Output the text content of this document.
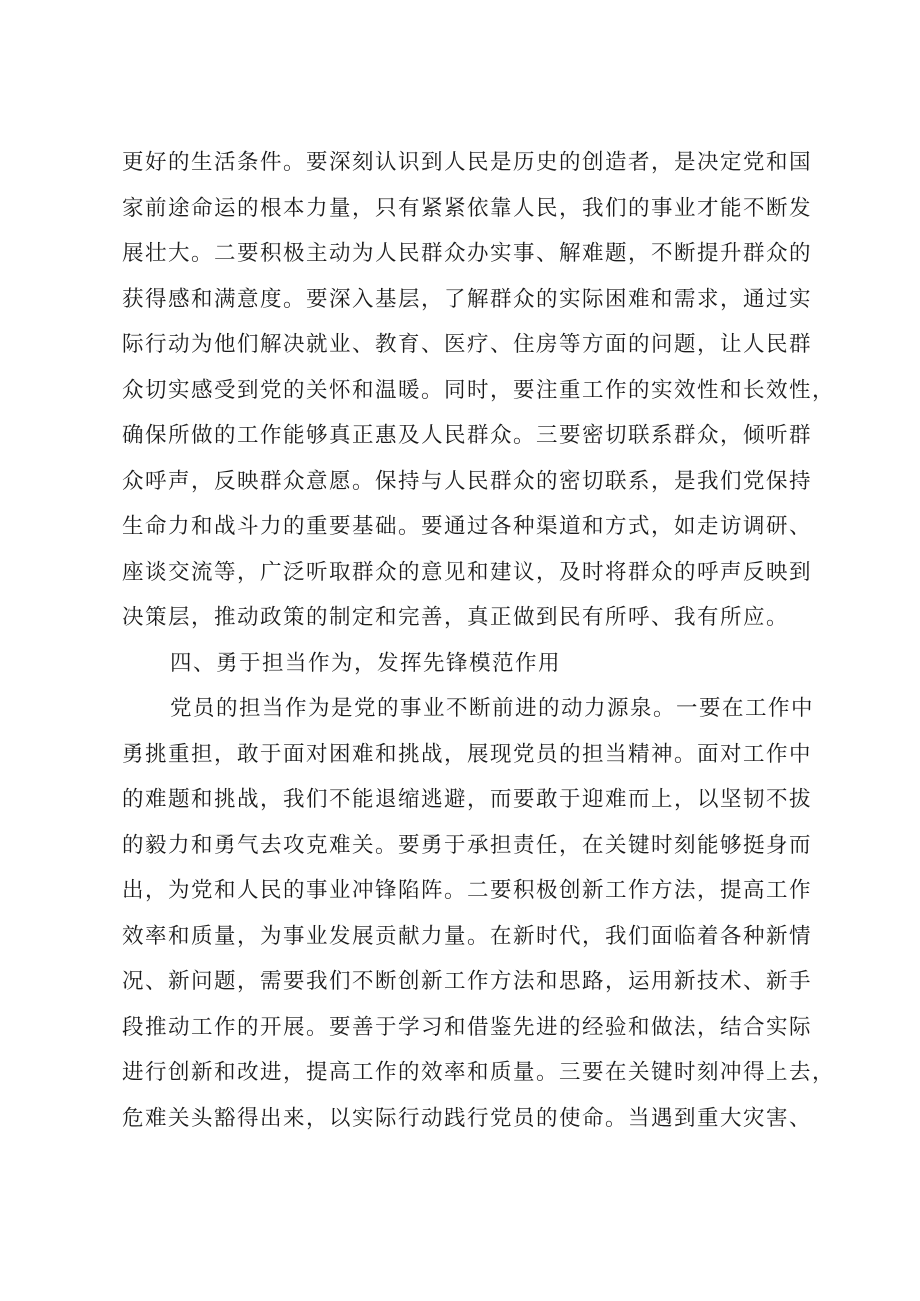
更好的生活条件。要深刻认识到人民是历史的创造者，是决定党和国
家前途命运的根本力量，只有紧紧依靠人民，我们的事业才能不断发
展壮大。二要积极主动为人民群众办实事、解难题，不断提升群众的
获得感和满意度。要深入基层，了解群众的实际困难和需求，通过实
际行动为他们解决就业、教育、医疗、住房等方面的问题，让人民群
众切实感受到党的关怀和温暖。同时，要注重工作的实效性和长效性，
确保所做的工作能够真正惠及人民群众。三要密切联系群众，倾听群
众呼声，反映群众意愿。保持与人民群众的密切联系，是我们党保持
生命力和战斗力的重要基础。要通过各种渠道和方式，如走访调研、
座谈交流等，广泛听取群众的意见和建议，及时将群众的呼声反映到
决策层，推动政策的制定和完善，真正做到民有所呼、我有所应。
四、勇于担当作为，发挥先锋模范作用
党员的担当作为是党的事业不断前进的动力源泉。一要在工作中
勇挑重担，敢于面对困难和挑战，展现党员的担当精神。面对工作中
的难题和挑战，我们不能退缩逃避，而要敢于迎难而上，以坚韧不拔
的毅力和勇气去攻克难关。要勇于承担责任，在关键时刻能够挺身而
出，为党和人民的事业冲锋陷阵。二要积极创新工作方法，提高工作
效率和质量，为事业发展贡献力量。在新时代，我们面临着各种新情
况、新问题，需要我们不断创新工作方法和思路，运用新技术、新手
段推动工作的开展。要善于学习和借鉴先进的经验和做法，结合实际
进行创新和改进，提高工作的效率和质量。三要在关键时刻冲得上去，
危难关头豁得出来，以实际行动践行党员的使命。当遇到重大灾害、
